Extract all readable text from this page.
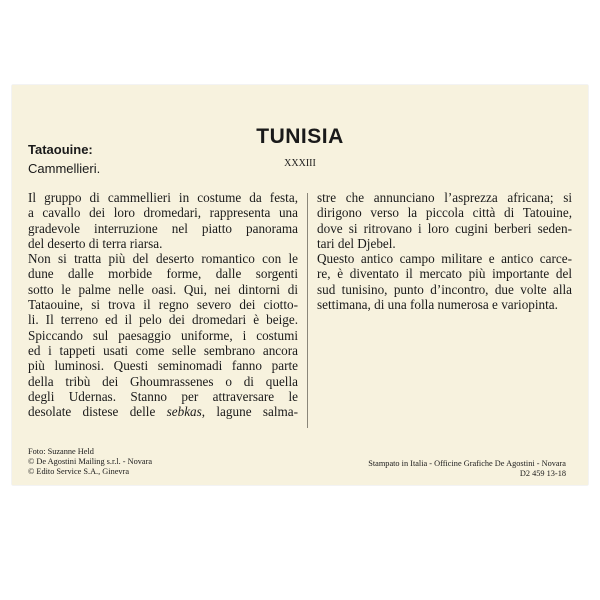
TUNISIA
XXXIII
Tataouine:
Cammellieri.
Il gruppo di cammellieri in costume da festa,
a cavallo dei loro dromedari, rappresenta una
gradevole interruzione nel piatto panorama
del deserto di terra riarsa.
Non si tratta più del deserto romantico con le
dune dalle morbide forme, dalle sorgenti
sotto le palme nelle oasi. Qui, nei dintorni di
Tataouine, si trova il regno severo dei ciotto-
li. Il terreno ed il pelo dei dromedari è beige.
Spiccando sul paesaggio uniforme, i costumi
ed i tappeti usati come selle sembrano ancora
più luminosi. Questi seminomadi fanno parte
della tribù dei Ghoumrassenes o di quella
degli Udernas. Stanno per attraversare le
desolate distese delle sebkas, lagune salma-
stre che annunciano l’asprezza africana; si
dirigono verso la piccola città di Tatouine,
dove si ritrovano i loro cugini berberi seden-
tari del Djebel.
Questo antico campo militare e antico carce-
re, è diventato il mercato più importante del
sud tunisino, punto d’incontro, due volte alla
settimana, di una folla numerosa e variopinta.
Foto: Suzanne Held
© De Agostini Mailing s.r.l. - Novara
© Edito Service S.A., Ginevra
Stampato in Italia - Officine Grafiche De Agostini - Novara
D2 459 13-18
